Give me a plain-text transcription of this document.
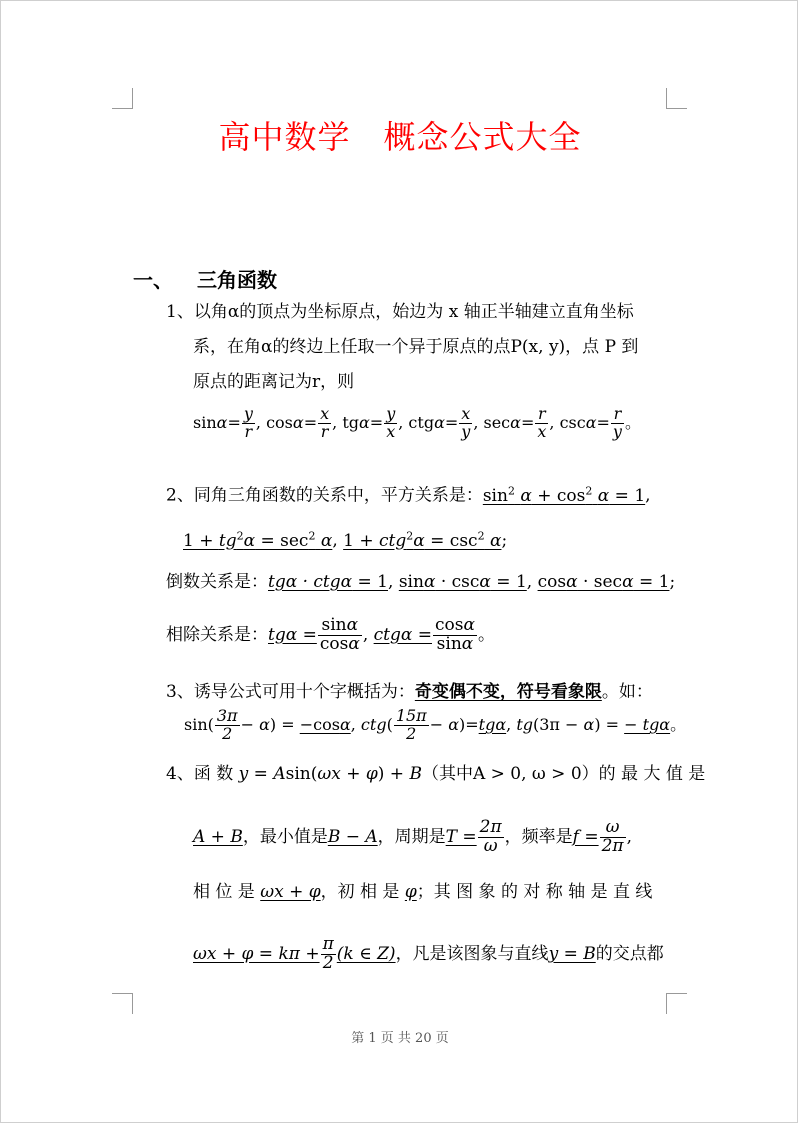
高中数学　概念公式大全
一、 三角函数
1、以角α的顶点为坐标原点，始边为 x 轴正半轴建立直角坐标
系，在角α的终边上任取一个异于原点的点P(x, y)，点 P 到
原点的距离记为r，则
$\sin\alpha= \frac{y}{r}$ , $\cos\alpha= \frac{x}{r}$ , $tg\alpha= \frac{y}{x}$ , $ctg\alpha= \frac{x}{y}$ , $\sec\alpha= \frac{r}{x}$ , $\csc\alpha= \frac{r}{y}$ 。
2、同角三角函数的关系中，平方关系是：$\sin^2 \alpha + \cos^2 \alpha = 1$,
$1 + tg^2\alpha = \sec^2 \alpha$, $1 + ctg^2\alpha = \csc^2 \alpha$;
倒数关系是：tgα · ctgα = 1, sinα · cscα = 1, cosα · secα = 1;
相除关系是：$tg\alpha = \frac{\sin\alpha}{\cos\alpha}$ , $ctg\alpha = \frac{\cos\alpha}{\sin\alpha}$ 。
3、诱导公式可用十个字概括为：奇变偶不变，符号看象限。如：
$\sin( \frac{3\pi}{2} - \alpha) = -\cos\alpha$, $ctg( \frac{15\pi}{2} - \alpha)=tg\alpha$, tg(3π − α) = − tgα。
4、函 数 y = Asin(ωx + φ) + B（其中A > 0, ω > 0）的 最 大 值 是
A + B，最小值是B − A，周期是$T = \frac{2\pi}{\omega}$ ，频率是$f = \frac{\omega}{2\pi}$ ,
相 位 是 ωx + φ，初 相 是 φ；其 图 象 的 对 称 轴 是 直 线
$\omega x + \varphi = k\pi + \frac{\pi}{2} (k$ ∈ Z)，凡是该图象与直线y = B的交点都
第 1 页 共 20 页
